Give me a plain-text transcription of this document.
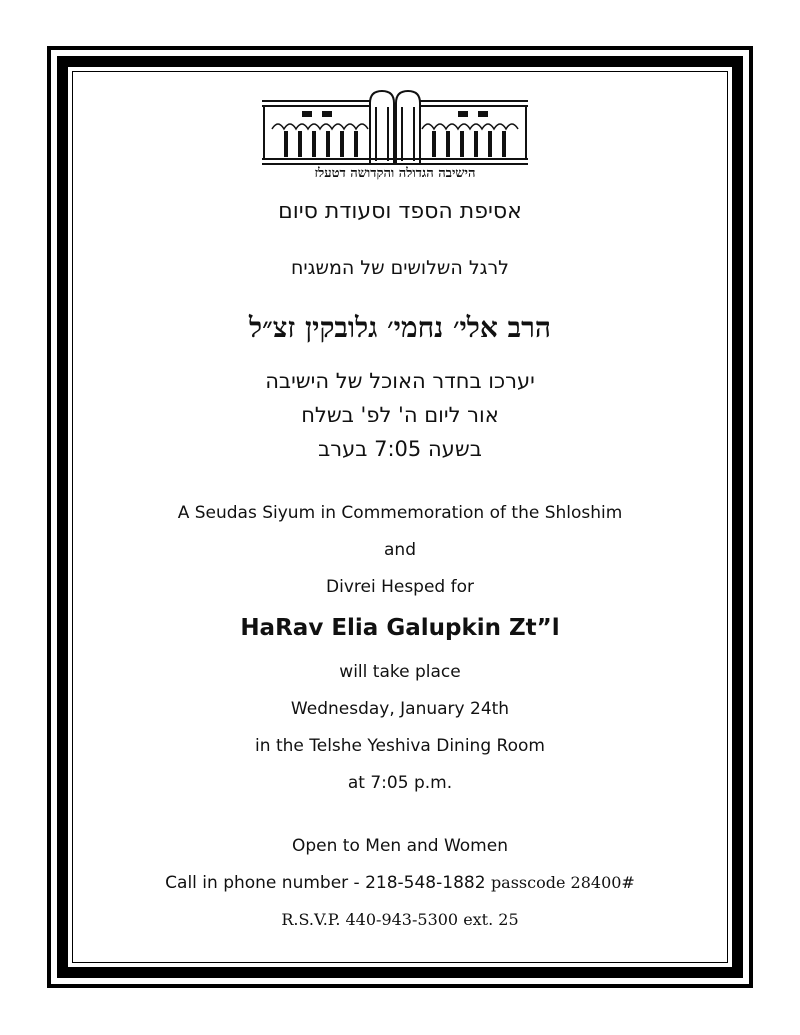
הישיבה הגדולה והקדושה דטעלז
אסיפת הספד וסעודת סיום
לרגל השלושים של המשגיח
הרב אלי׳ נחמי׳ גלובקין זצ״ל
יערכו בחדר האוכל של הישיבה
אור ליום ה' לפ' בשלח
בשעה 7:05 בערב
A Seudas Siyum in Commemoration of the Shloshim
and
Divrei Hesped for
HaRav Elia Galupkin Zt”l
will take place
Wednesday, January 24th
in the Telshe Yeshiva Dining Room
at 7:05 p.m.
Open to Men and Women
Call in phone number - 218-548-1882 passcode 28400#
R.S.V.P. 440-943-5300 ext. 25
